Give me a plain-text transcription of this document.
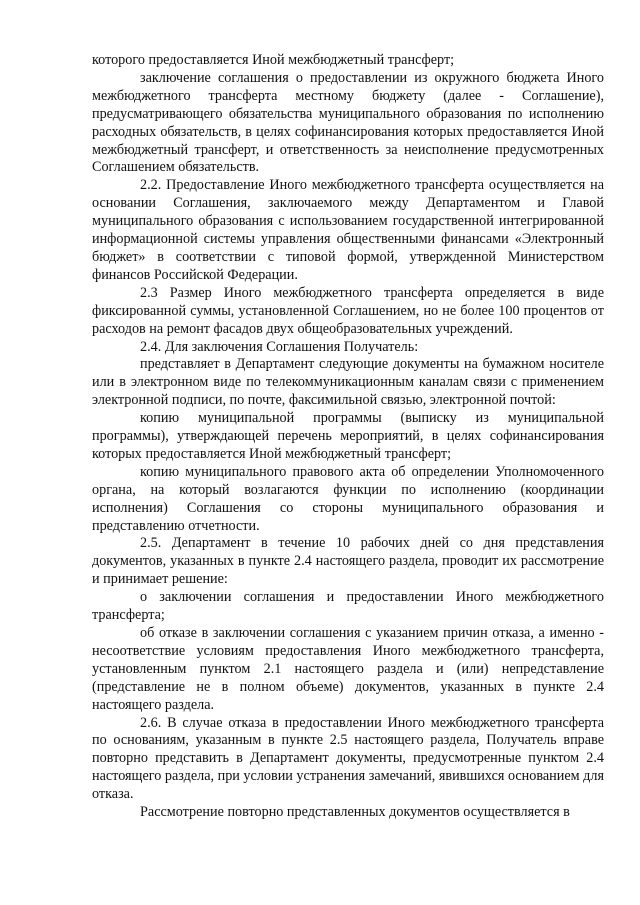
которого предоставляется Иной межбюджетный трансферт;

заключение соглашения о предоставлении из окружного бюджета Иного межбюджетного трансферта местному бюджету (далее - Соглашение), предусматривающего обязательства муниципального образования по исполнению расходных обязательств, в целях софинансирования которых предоставляется Иной межбюджетный трансферт, и ответственность за неисполнение предусмотренных Соглашением обязательств.

2.2. Предоставление Иного межбюджетного трансферта осуществляется на основании Соглашения, заключаемого между Департаментом и Главой муниципального образования с использованием государственной интегрированной информационной системы управления общественными финансами «Электронный бюджет» в соответствии с типовой формой, утвержденной Министерством финансов Российской Федерации.

2.3 Размер Иного межбюджетного трансферта определяется в виде фиксированной суммы, установленной Соглашением, но не более 100 процентов от расходов на ремонт фасадов двух общеобразовательных учреждений.

2.4. Для заключения Соглашения Получатель:

представляет в Департамент следующие документы на бумажном носителе или в электронном виде по телекоммуникационным каналам связи с применением электронной подписи, по почте, факсимильной связью, электронной почтой:

копию муниципальной программы (выписку из муниципальной программы), утверждающей перечень мероприятий, в целях софинансирования которых предоставляется Иной межбюджетный трансферт;

копию муниципального правового акта об определении Уполномоченного органа, на который возлагаются функции по исполнению (координации исполнения) Соглашения со стороны муниципального образования и представлению отчетности.

2.5. Департамент в течение 10 рабочих дней со дня представления документов, указанных в пункте 2.4 настоящего раздела, проводит их рассмотрение и принимает решение:

о заключении соглашения и предоставлении Иного межбюджетного трансферта;

об отказе в заключении соглашения с указанием причин отказа, а именно - несоответствие условиям предоставления Иного межбюджетного трансферта, установленным пунктом 2.1 настоящего раздела и (или) непредставление (представление не в полном объеме) документов, указанных в пункте 2.4 настоящего раздела.

2.6. В случае отказа в предоставлении Иного межбюджетного трансферта по основаниям, указанным в пункте 2.5 настоящего раздела, Получатель вправе повторно представить в Департамент документы, предусмотренные пунктом 2.4 настоящего раздела, при условии устранения замечаний, явившихся основанием для отказа.

Рассмотрение повторно представленных документов осуществляется в
